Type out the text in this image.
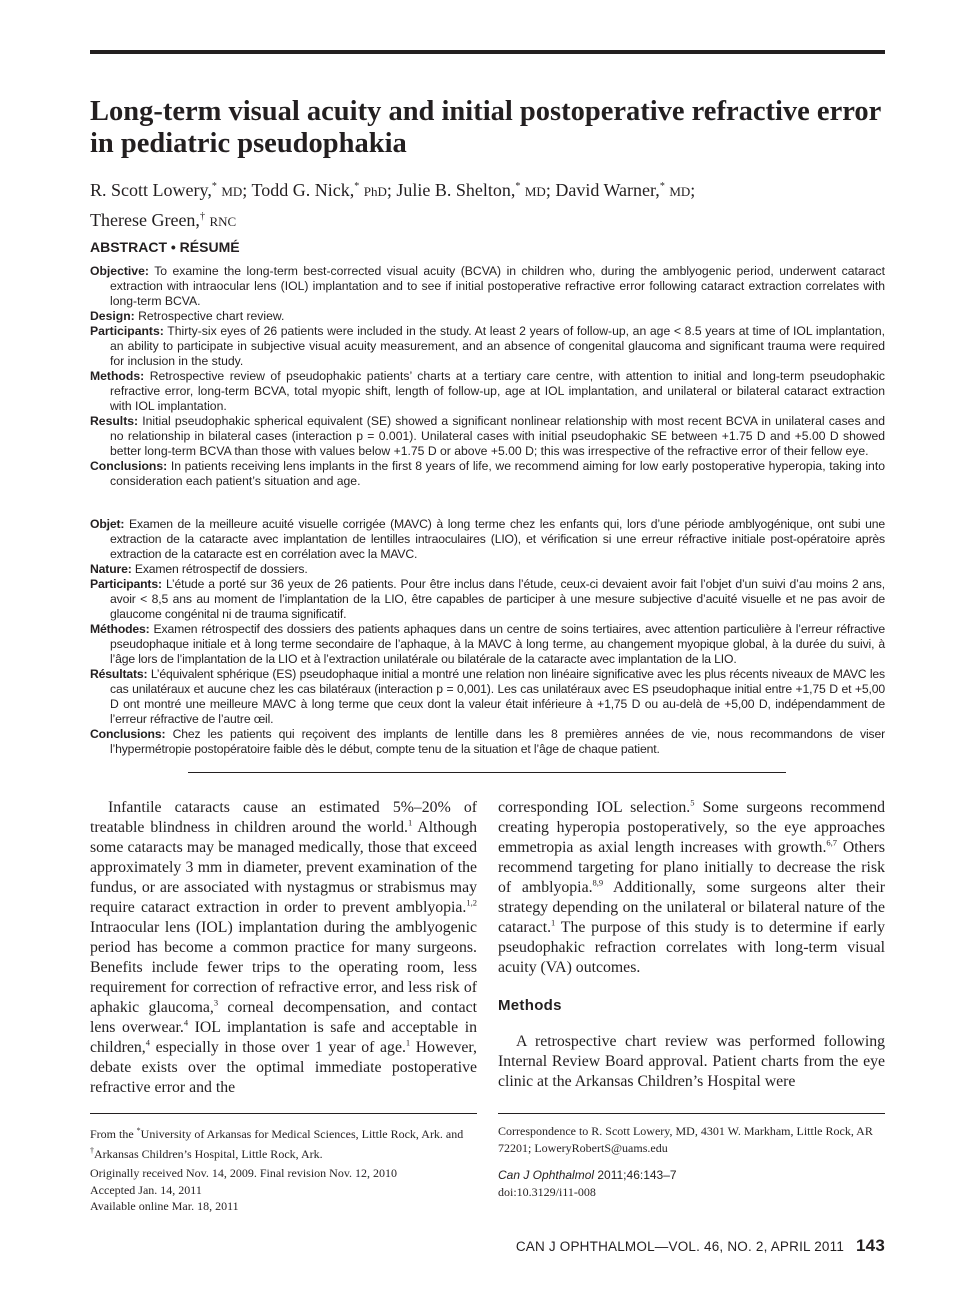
Long-term visual acuity and initial postoperative refractive error in pediatric pseudophakia
R. Scott Lowery,* MD; Todd G. Nick,* PhD; Julie B. Shelton,* MD; David Warner,* MD;
Therese Green,† RNC
ABSTRACT • RÉSUMÉ

Objective: To examine the long-term best-corrected visual acuity (BCVA) in children who, during the amblyogenic period, underwent cataract extraction with intraocular lens (IOL) implantation and to see if initial postoperative refractive error following cataract extraction correlates with long-term BCVA.

Design: Retrospective chart review.

Participants: Thirty-six eyes of 26 patients were included in the study. At least 2 years of follow-up, an age < 8.5 years at time of IOL implantation, an ability to participate in subjective visual acuity measurement, and an absence of congenital glaucoma and significant trauma were required for inclusion in the study.

Methods: Retrospective review of pseudophakic patients’ charts at a tertiary care centre, with attention to initial and long-term pseudophakic refractive error, long-term BCVA, total myopic shift, length of follow-up, age at IOL implantation, and unilateral or bilateral cataract extraction with IOL implantation.

Results: Initial pseudophakic spherical equivalent (SE) showed a significant nonlinear relationship with most recent BCVA in unilateral cases and no relationship in bilateral cases (interaction p = 0.001). Unilateral cases with initial pseudophakic SE between +1.75 D and +5.00 D showed better long-term BCVA than those with values below +1.75 D or above +5.00 D; this was irrespective of the refractive error of their fellow eye.

Conclusions: In patients receiving lens implants in the first 8 years of life, we recommend aiming for low early postoperative hyperopia, taking into consideration each patient’s situation and age.

Objet: Examen de la meilleure acuité visuelle corrigée (MAVC) à long terme chez les enfants qui, lors d’une période amblyogénique, ont subi une extraction de la cataracte avec implantation de lentilles intraoculaires (LIO), et vérification si une erreur réfractive initiale post-opératoire après extraction de la cataracte est en corrélation avec la MAVC.

Nature: Examen rétrospectif de dossiers.

Participants: L’étude a porté sur 36 yeux de 26 patients. Pour être inclus dans l’étude, ceux-ci devaient avoir fait l’objet d’un suivi d’au moins 2 ans, avoir < 8,5 ans au moment de l’implantation de la LIO, être capables de participer à une mesure subjective d’acuité visuelle et ne pas avoir de glaucome congénital ni de trauma significatif.

Méthodes: Examen rétrospectif des dossiers des patients aphaques dans un centre de soins tertiaires, avec attention particulière à l’erreur réfractive pseudophaque initiale et à long terme secondaire de l’aphaque, à la MAVC à long terme, au changement myopique global, à la durée du suivi, à l’âge lors de l’implantation de la LIO et à l’extraction unilatérale ou bilatérale de la cataracte avec implantation de la LIO.

Résultats: L’équivalent sphérique (ES) pseudophaque initial a montré une relation non linéaire significative avec les plus récents niveaux de MAVC les cas unilatéraux et aucune chez les cas bilatéraux (interaction p = 0,001). Les cas unilatéraux avec ES pseudophaque initial entre +1,75 D et +5,00 D ont montré une meilleure MAVC à long terme que ceux dont la valeur était inférieure à +1,75 D ou au-delà de +5,00 D, indépendamment de l’erreur réfractive de l’autre œil.

Conclusions: Chez les patients qui reçoivent des implants de lentille dans les 8 premières années de vie, nous recommandons de viser l’hypermétropie postopératoire faible dès le début, compte tenu de la situation et l’âge de chaque patient.

Infantile cataracts cause an estimated 5%–20% of treatable blindness in children around the world.$^1$ Although some cataracts may be managed medically, those that exceed approximately 3 mm in diameter, prevent examination of the fundus, or are associated with nystagmus or strabismus may require cataract extraction in order to prevent amblyopia.$^{1,2}$ Intraocular lens (IOL) implantation during the amblyogenic period has become a common practice for many surgeons. Benefits include fewer trips to the operating room, less requirement for correction of refractive error, and less risk of aphakic glaucoma,$^3$ corneal decompensation, and contact lens overwear.$^4$ IOL implantation is safe and acceptable in children,$^4$ especially in those over 1 year of age.$^1$ However, debate exists over the optimal immediate postoperative refractive error and the

corresponding IOL selection.$^5$ Some surgeons recommend creating hyperopia postoperatively, so the eye approaches emmetropia as axial length increases with growth.$^{6,7}$ Others recommend targeting for plano initially to decrease the risk of amblyopia.$^{8,9}$ Additionally, some surgeons alter their strategy depending on the unilateral or bilateral nature of the cataract.$^1$ The purpose of this study is to determine if early pseudophakic refraction correlates with long-term visual acuity (VA) outcomes.

Methods

A retrospective chart review was performed following Internal Review Board approval. Patient charts from the eye clinic at the Arkansas Children’s Hospital were

From the *University of Arkansas for Medical Sciences, Little Rock, Ark. and
†Arkansas Children’s Hospital, Little Rock, Ark.
Originally received Nov. 14, 2009. Final revision Nov. 12, 2010
Accepted Jan. 14, 2011
Available online Mar. 18, 2011
Correspondence to R. Scott Lowery, MD, 4301 W. Markham, Little Rock, AR 72201; LoweryRobertS@uams.edu
Can J Ophthalmol 2011;46:143–7
doi:10.3129/i11-008
CAN J OPHTHALMOL—VOL. 46, NO. 2, APRIL 2011 143
